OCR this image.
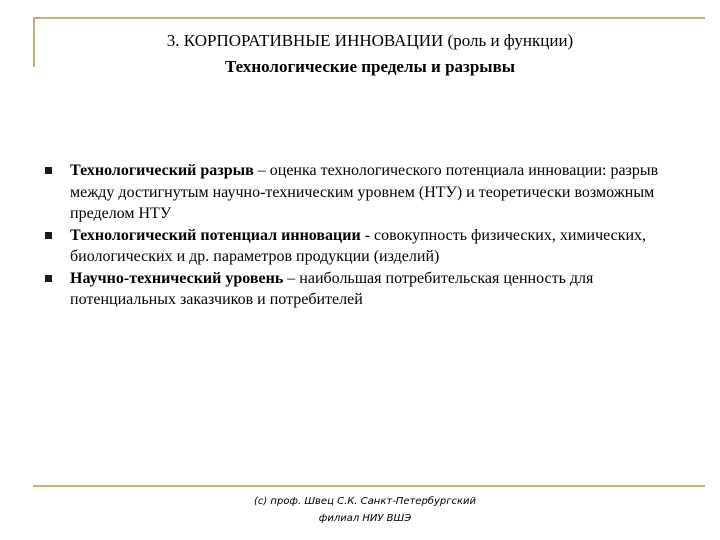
3. КОРПОРАТИВНЫЕ ИННОВАЦИИ (роль и функции)
Технологические пределы и разрывы
Технологический разрыв – оценка технологического потенциала инновации: разрыв между достигнутым научно-техническим уровнем (НТУ) и теоретически возможным пределом НТУ
Технологический потенциал инновации - совокупность физических, химических, биологических и др. параметров продукции (изделий)
Научно-технический уровень – наибольшая потребительская ценность для потенциальных заказчиков и потребителей
(с) проф. Швец С.К. Санкт-Петербургский
филиал НИУ ВШЭ
